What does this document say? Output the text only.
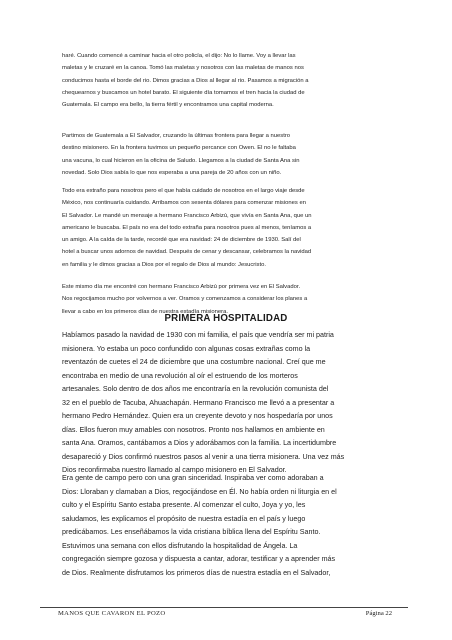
haré. Cuando comencé a caminar hacia el otro policía, el dijo: No lo llame. Voy a llevar las
maletas y le cruzaré en la canoa. Tomó las maletas y nosotros con las maletas de manos nos
conducimos hasta el borde del rio. Dimos gracias a Dios al llegar al rio. Pasamos a migración a
chequearnos y buscamos un hotel barato. El siguiente día tomamos el tren hacia la ciudad de
Guatemala. El campo era bello, la tierra fértil y encontramos una capital moderna.

Partimos de Guatemala a El Salvador, cruzando la últimas frontera para llegar a nuestro
destino misionero. En la frontera tuvimos un pequeño percance con Owen. El no le faltaba
una vacuna, lo cual hicieron en la oficina de Saludo. Llegamos a la ciudad de Santa Ana sin
novedad. Solo Dios sabía lo que nos esperaba a una pareja de 20 años con un niño.

Todo era extraño para nosotros pero el que había cuidado de nosotros en el largo viaje desde
México, nos continuaría cuidando. Arribamos con sesenta dólares para comenzar misiones en
El Salvador. Le mandé un mensaje a hermano Francisco Arbizú, que vivía en Santa Ana, que un
americano le buscaba. El país no era del todo extraña para nosotros pues al menos, teníamos a
un amigo. A la caída de la tarde, recordé que era navidad: 24 de diciembre de 1930. Salí del
hotel a buscar unos adornos de navidad. Después de cenar y descansar, celebramos la navidad
en familia y le dimos gracias a Dios por el regalo de Dios al mundo: Jesucristo.

Este mismo día me encontré con hermano Francisco Arbizú por primera vez en El Salvador.
Nos regocijamos mucho por volvernos a ver. Oramos y comenzamos a considerar los planes a
llevar a cabo en los primeros días de nuestra estadía misionera.

PRIMERA HOSPITALIDAD

Habíamos pasado la navidad de 1930 con mi familia, el país que vendría ser mi patria
misionera. Yo estaba un poco confundido con algunas cosas extrañas como la
reventazón de cuetes el 24 de diciembre que una costumbre nacional. Creí que me
encontraba en medio de una revolución al oír el estruendo de los morteros
artesanales. Solo dentro de dos años me encontraría en la revolución comunista del
32 en el pueblo de Tacuba, Ahuachapán. Hermano Francisco me llevó a a presentar a
hermano Pedro Hernández. Quien era un creyente devoto y nos hospedaría por unos
días. Ellos fueron muy amables con nosotros. Pronto nos hallamos en ambiente en
santa Ana. Oramos, cantábamos a Dios y adorábamos con la familia. La incertidumbre
desapareció y Dios confirmó nuestros pasos al venir a una tierra misionera. Una vez más
Dios reconfirmaba nuestro llamado al campo misionero en El Salvador.

Era gente de campo pero con una gran sinceridad. Inspiraba ver como adoraban a
Dios: Lloraban y clamaban a Dios, regocijándose en Él. No había orden ni liturgia en el
culto y el Espíritu Santo estaba presente. Al comenzar el culto, Joya y yo, les
saludamos, les explicamos el propósito de nuestra estadía en el país y luego
predicábamos. Les enseñábamos la vida cristiana bíblica llena del Espíritu Santo.
Estuvimos una semana con ellos disfrutando la hospitalidad de Ángela. La
congregación siempre gozosa y dispuesta a cantar, adorar, testificar y a aprender más
de Dios. Realmente disfrutamos los primeros días de nuestra estadía en el Salvador,

MANOS QUE CAVARON EL POZO	Página 22
